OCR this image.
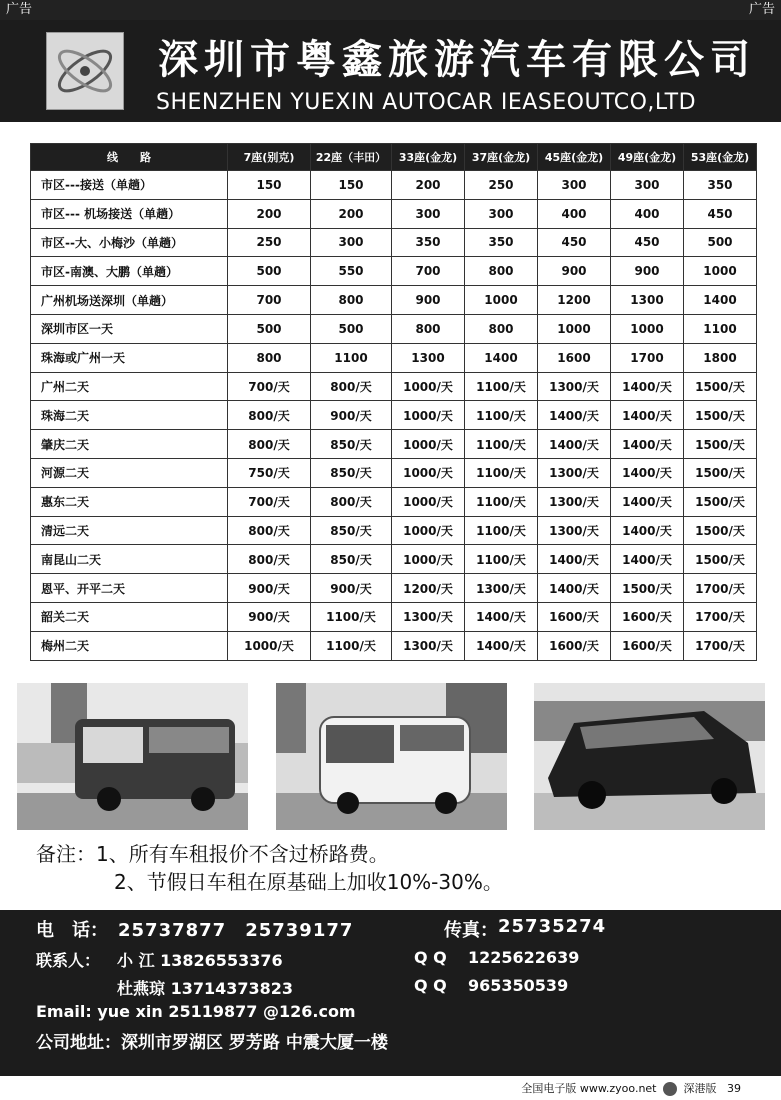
广告	广告
深圳市粤鑫旅游汽车有限公司
SHENZHEN YUEXIN AUTOCAR IEASEOUTCO,LTD
线　　路	7座(别克)	22座（丰田）	33座(金龙)	37座(金龙)	45座(金龙)	49座(金龙)	53座(金龙)
市区---接送（单趟）	150	150	200	250	300	300	350
市区--- 机场接送（单趟）	200	200	300	300	400	400	450
市区--大、小梅沙（单趟）	250	300	350	350	450	450	500
市区-南澳、大鹏（单趟）	500	550	700	800	900	900	1000
广州机场送深圳（单趟）	700	800	900	1000	1200	1300	1400
深圳市区一天	500	500	800	800	1000	1000	1100
珠海或广州一天	800	1100	1300	1400	1600	1700	1800
广州二天	700/天	800/天	1000/天	1100/天	1300/天	1400/天	1500/天
珠海二天	800/天	900/天	1000/天	1100/天	1400/天	1400/天	1500/天
肇庆二天	800/天	850/天	1000/天	1100/天	1400/天	1400/天	1500/天
河源二天	750/天	850/天	1000/天	1100/天	1300/天	1400/天	1500/天
惠东二天	700/天	800/天	1000/天	1100/天	1300/天	1400/天	1500/天
清远二天	800/天	850/天	1000/天	1100/天	1300/天	1400/天	1500/天
南昆山二天	800/天	850/天	1000/天	1100/天	1400/天	1400/天	1500/天
恩平、开平二天	900/天	900/天	1200/天	1300/天	1400/天	1500/天	1700/天
韶关二天	900/天	1100/天	1300/天	1400/天	1600/天	1600/天	1700/天
梅州二天	1000/天	1100/天	1300/天	1400/天	1600/天	1600/天	1700/天
备注：1、所有车租报价不含过桥路费。
2、节假日车租在原基础上加收10%-30%。
电　话： 25737877　25739177	传真： 25735274
联系人： 小 江 13826553376
杜燕琼 13714373823
Q Q 1225622639
Q Q 965350539
Email: yue xin 25119877 @126.com
公司地址：深圳市罗湖区 罗芳路 中震大厦一楼
全国电子版 www.zyoo.net 深港版 39
